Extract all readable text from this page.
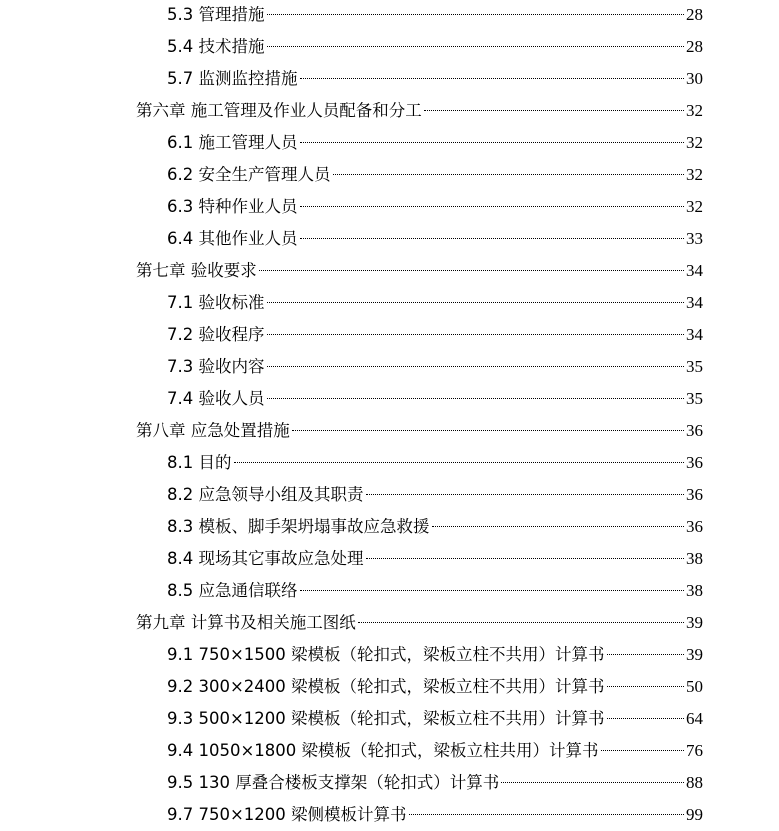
5.3 管理措施	28
5.4 技术措施	28
5.7 监测监控措施	30
第六章 施工管理及作业人员配备和分工	32
6.1 施工管理人员	32
6.2 安全生产管理人员	32
6.3 特种作业人员	32
6.4 其他作业人员	33
第七章 验收要求	34
7.1 验收标准	34
7.2 验收程序	34
7.3 验收内容	35
7.4 验收人员	35
第八章 应急处置措施	36
8.1 目的	36
8.2 应急领导小组及其职责	36
8.3 模板、脚手架坍塌事故应急救援	36
8.4 现场其它事故应急处理	38
8.5 应急通信联络	38
第九章 计算书及相关施工图纸	39
9.1 750×1500 梁模板（轮扣式，梁板立柱不共用）计算书	39
9.2 300×2400 梁模板（轮扣式，梁板立柱不共用）计算书	50
9.3 500×1200 梁模板（轮扣式，梁板立柱不共用）计算书	64
9.4 1050×1800 梁模板（轮扣式，梁板立柱共用）计算书	76
9.5 130 厚叠合楼板支撑架（轮扣式）计算书	88
9.7 750×1200 梁侧模板计算书	99
